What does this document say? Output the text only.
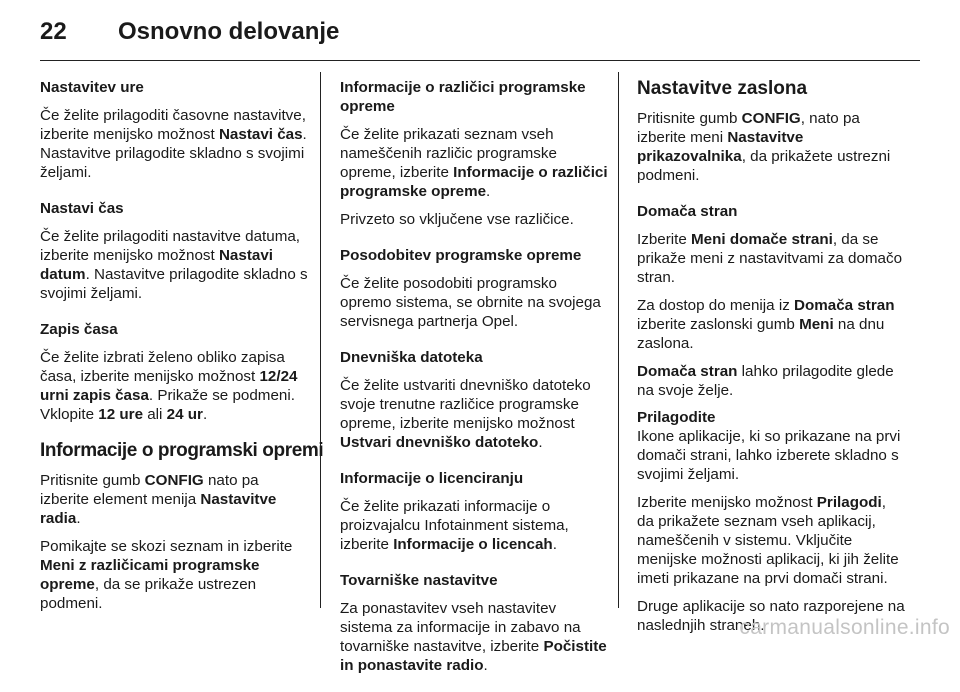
22 Osnovno delovanje

Nastavitev ure

Če želite prilagoditi časovne nastavitve, izberite menijsko možnost Nastavi čas. Nastavitve prilagodite skladno s svojimi željami.

Nastavi čas

Če želite prilagoditi nastavitve datuma, izberite menijsko možnost Nastavi datum. Nastavitve prilagodite skladno s svojimi željami.

Zapis časa

Če želite izbrati želeno obliko zapisa časa, izberite menijsko možnost 12/24 urni zapis časa. Prikaže se podmeni. Vklopite 12 ure ali 24 ur.

Informacije o programski opremi

Pritisnite gumb CONFIG nato pa izberite element menija Nastavitve radia.

Pomikajte se skozi seznam in izberite Meni z različicami programske opreme, da se prikaže ustrezen podmeni.

Informacije o različici programske opreme

Če želite prikazati seznam vseh nameščenih različic programske opreme, izberite Informacije o različici programske opreme.

Privzeto so vključene vse različice.

Posodobitev programske opreme

Če želite posodobiti programsko opremo sistema, se obrnite na svojega servisnega partnerja Opel.

Dnevniška datoteka

Če želite ustvariti dnevniško datoteko svoje trenutne različice programske opreme, izberite menijsko možnost Ustvari dnevniško datoteko.

Informacije o licenciranju

Če želite prikazati informacije o proizvajalcu Infotainment sistema, izberite Informacije o licencah.

Tovarniške nastavitve

Za ponastavitev vseh nastavitev sistema za informacije in zabavo na tovarniške nastavitve, izberite Počistite in ponastavite radio.

Nastavitve zaslona

Pritisnite gumb CONFIG, nato pa izberite meni Nastavitve prikazovalnika, da prikažete ustrezni podmeni.

Domača stran

Izberite Meni domače strani, da se prikaže meni z nastavitvami za domačo stran.

Za dostop do menija iz Domača stran izberite zaslonski gumb Meni na dnu zaslona.

Domača stran lahko prilagodite glede na svoje želje.

Prilagodite

Ikone aplikacije, ki so prikazane na prvi domači strani, lahko izberete skladno s svojimi željami.

Izberite menijsko možnost Prilagodi, da prikažete seznam vseh aplikacij, nameščenih v sistemu. Vključite menijske možnosti aplikacij, ki jih želite imeti prikazane na prvi domači strani.

Druge aplikacije so nato razporejene na naslednjih straneh.

carmanualsonline.info
